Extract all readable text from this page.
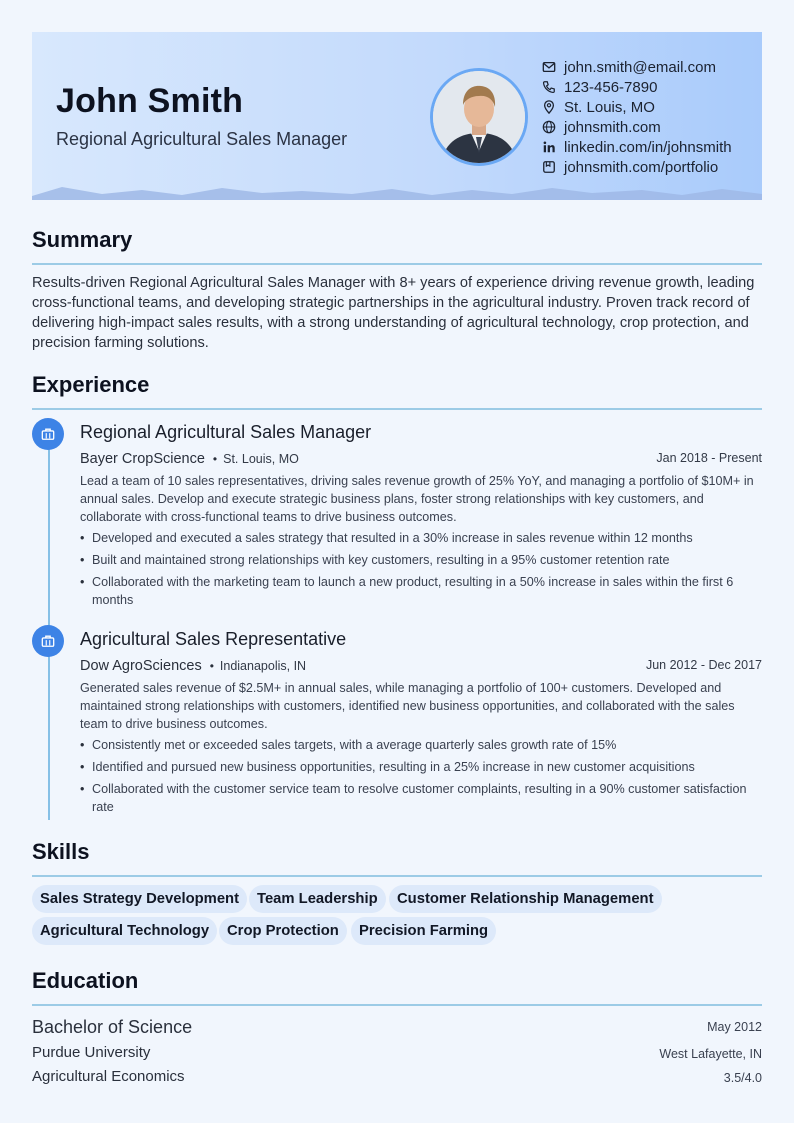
John Smith
Regional Agricultural Sales Manager
john.smith@email.com
123-456-7890
St. Louis, MO
johnsmith.com
linkedin.com/in/johnsmith
johnsmith.com/portfolio
Summary

Results-driven Regional Agricultural Sales Manager with 8+ years of experience driving revenue growth, leading cross-functional teams, and developing strategic partnerships in the agricultural industry. Proven track record of delivering high-impact sales results, with a strong understanding of agricultural technology, crop protection, and precision farming solutions.

Experience
Regional Agricultural Sales Manager
Bayer CropScience • St. Louis, MO	Jan 2018 - Present

Lead a team of 10 sales representatives, driving sales revenue growth of 25% YoY, and managing a portfolio of $10M+ in annual sales. Develop and execute strategic business plans, foster strong relationships with key customers, and collaborate with cross-functional teams to drive business outcomes.

• Developed and executed a sales strategy that resulted in a 30% increase in sales revenue within 12 months
• Built and maintained strong relationships with key customers, resulting in a 95% customer retention rate
• Collaborated with the marketing team to launch a new product, resulting in a 50% increase in sales within the first 6 months
Agricultural Sales Representative
Dow AgroSciences • Indianapolis, IN	Jun 2012 - Dec 2017

Generated sales revenue of $2.5M+ in annual sales, while managing a portfolio of 100+ customers. Developed and maintained strong relationships with customers, identified new business opportunities, and collaborated with the sales team to drive business outcomes.

• Consistently met or exceeded sales targets, with a average quarterly sales growth rate of 15%
• Identified and pursued new business opportunities, resulting in a 25% increase in new customer acquisitions
• Collaborated with the customer service team to resolve customer complaints, resulting in a 90% customer satisfaction rate
Skills
Sales Strategy Development	Team Leadership	Customer Relationship Management
Agricultural Technology	Crop Protection	Precision Farming
Education
Bachelor of Science	May 2012
Purdue University	West Lafayette, IN
Agricultural Economics	3.5/4.0
